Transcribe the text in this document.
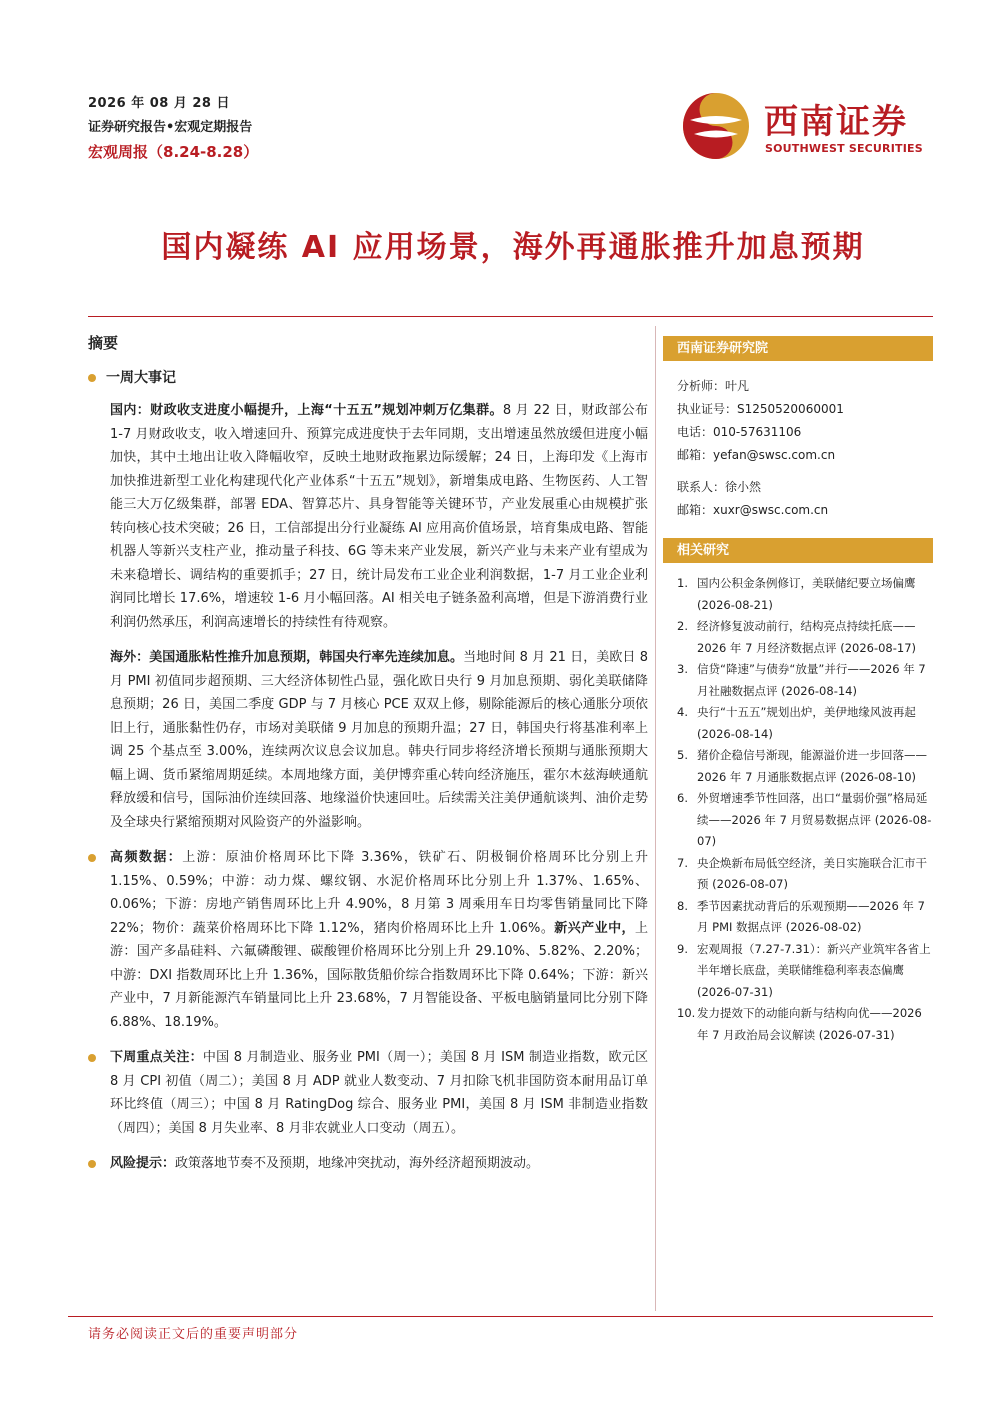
2026 年 08 月 28 日
证券研究报告•宏观定期报告
宏观周报（8.24-8.28）
西南证券
SOUTHWEST SECURITIES
国内凝练 AI 应用场景，海外再通胀推升加息预期
摘要
一周大事记
国内：财政收支进度小幅提升，上海“十五五”规划冲刺万亿集群。8 月 22 日，财政部公布 1-7 月财政收支，收入增速回升、预算完成进度快于去年同期，支出增速虽然放缓但进度小幅加快，其中土地出让收入降幅收窄，反映土地财政拖累边际缓解；24 日，上海印发《上海市加快推进新型工业化构建现代化产业体系“十五五”规划》，新增集成电路、生物医药、人工智能三大万亿级集群，部署 EDA、智算芯片、具身智能等关键环节，产业发展重心由规模扩张转向核心技术突破；26 日，工信部提出分行业凝练 AI 应用高价值场景，培育集成电路、智能机器人等新兴支柱产业，推动量子科技、6G 等未来产业发展，新兴产业与未来产业有望成为未来稳增长、调结构的重要抓手；27 日，统计局发布工业企业利润数据，1-7 月工业企业利润同比增长 17.6%，增速较 1-6 月小幅回落。AI 相关电子链条盈利高增，但是下游消费行业利润仍然承压，利润高速增长的持续性有待观察。
海外：美国通胀粘性推升加息预期，韩国央行率先连续加息。当地时间 8 月 21 日，美欧日 8 月 PMI 初值同步超预期、三大经济体韧性凸显，强化欧日央行 9 月加息预期、弱化美联储降息预期；26 日，美国二季度 GDP 与 7 月核心 PCE 双双上修，剔除能源后的核心通胀分项依旧上行，通胀黏性仍存，市场对美联储 9 月加息的预期升温；27 日，韩国央行将基准利率上调 25 个基点至 3.00%，连续两次议息会议加息。韩央行同步将经济增长预期与通胀预期大幅上调、货币紧缩周期延续。本周地缘方面，美伊博弈重心转向经济施压，霍尔木兹海峡通航释放缓和信号，国际油价连续回落、地缘溢价快速回吐。后续需关注美伊通航谈判、油价走势及全球央行紧缩预期对风险资产的外溢影响。
高频数据：上游：原油价格周环比下降 3.36%，铁矿石、阴极铜价格周环比分别上升 1.15%、0.59%；中游：动力煤、螺纹钢、水泥价格周环比分别上升 1.37%、1.65%、0.06%；下游：房地产销售周环比上升 4.90%，8 月第 3 周乘用车日均零售销量同比下降 22%；物价：蔬菜价格周环比下降 1.12%，猪肉价格周环比上升 1.06%。新兴产业中，上游：国产多晶硅料、六氟磷酸锂、碳酸锂价格周环比分别上升 29.10%、5.82%、2.20%；中游：DXI 指数周环比上升 1.36%，国际散货船价综合指数周环比下降 0.64%；下游：新兴产业中，7 月新能源汽车销量同比上升 23.68%，7 月智能设备、平板电脑销量同比分别下降 6.88%、18.19%。
下周重点关注：中国 8 月制造业、服务业 PMI（周一）；美国 8 月 ISM 制造业指数，欧元区 8 月 CPI 初值（周二）；美国 8 月 ADP 就业人数变动、7 月扣除飞机非国防资本耐用品订单环比终值（周三）；中国 8 月 RatingDog 综合、服务业 PMI，美国 8 月 ISM 非制造业指数（周四）；美国 8 月失业率、8 月非农就业人口变动（周五）。
风险提示：政策落地节奏不及预期，地缘冲突扰动，海外经济超预期波动。
西南证券研究院
分析师：叶凡
执业证号：S1250520060001
电话：010-57631106
邮箱：yefan@swsc.com.cn
联系人：徐小然
邮箱：xuxr@swsc.com.cn
相关研究
1. 国内公积金条例修订，美联储纪要立场偏鹰 (2026-08-21)
2. 经济修复波动前行，结构亮点持续托底——2026 年 7 月经济数据点评 (2026-08-17)
3. 信贷“降速”与债券“放量”并行——2026 年 7 月社融数据点评 (2026-08-14)
4. 央行“十五五”规划出炉，美伊地缘风波再起 (2026-08-14)
5. 猪价企稳信号渐现，能源溢价进一步回落——2026 年 7 月通胀数据点评 (2026-08-10)
6. 外贸增速季节性回落，出口“量弱价强”格局延续——2026 年 7 月贸易数据点评 (2026-08-07)
7. 央企焕新布局低空经济，美日实施联合汇市干预 (2026-08-07)
8. 季节因素扰动背后的乐观预期——2026 年 7 月 PMI 数据点评 (2026-08-02)
9. 宏观周报（7.27-7.31）：新兴产业筑牢各省上半年增长底盘，美联储维稳利率表态偏鹰 (2026-07-31)
10. 发力提效下的动能向新与结构向优——2026 年 7 月政治局会议解读 (2026-07-31)
请务必阅读正文后的重要声明部分
